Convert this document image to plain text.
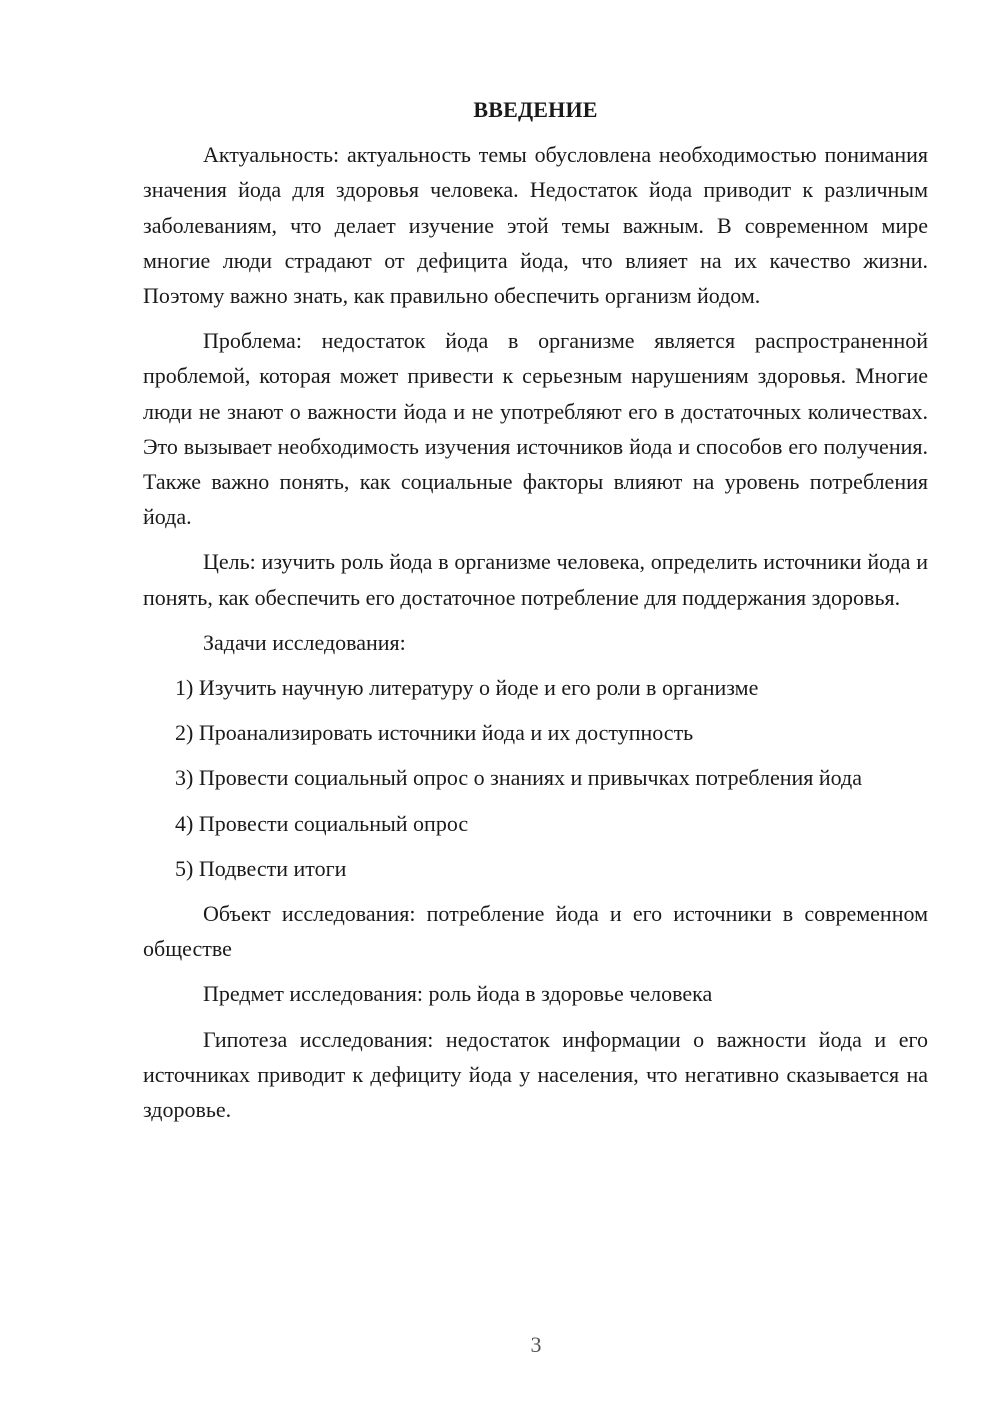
ВВЕДЕНИЕ

Актуальность: актуальность темы обусловлена необходимостью понимания значения йода для здоровья человека. Недостаток йода приводит к различным заболеваниям, что делает изучение этой темы важным. В современном мире многие люди страдают от дефицита йода, что влияет на их качество жизни. Поэтому важно знать, как правильно обеспечить организм йодом.

Проблема: недостаток йода в организме является распространенной проблемой, которая может привести к серьезным нарушениям здоровья. Многие люди не знают о важности йода и не употребляют его в достаточных количествах. Это вызывает необходимость изучения источников йода и способов его получения. Также важно понять, как социальные факторы влияют на уровень потребления йода.

Цель: изучить роль йода в организме человека, определить источники йода и понять, как обеспечить его достаточное потребление для поддержания здоровья.

Задачи исследования:

1) Изучить научную литературу о йоде и его роли в организме

2) Проанализировать источники йода и их доступность

3) Провести социальный опрос о знаниях и привычках потребления йода

4) Провести социальный опрос

5) Подвести итоги

Объект исследования: потребление йода и его источники в современном обществе

Предмет исследования: роль йода в здоровье человека

Гипотеза исследования: недостаток информации о важности йода и его источниках приводит к дефициту йода у населения, что негативно сказывается на здоровье.

3
